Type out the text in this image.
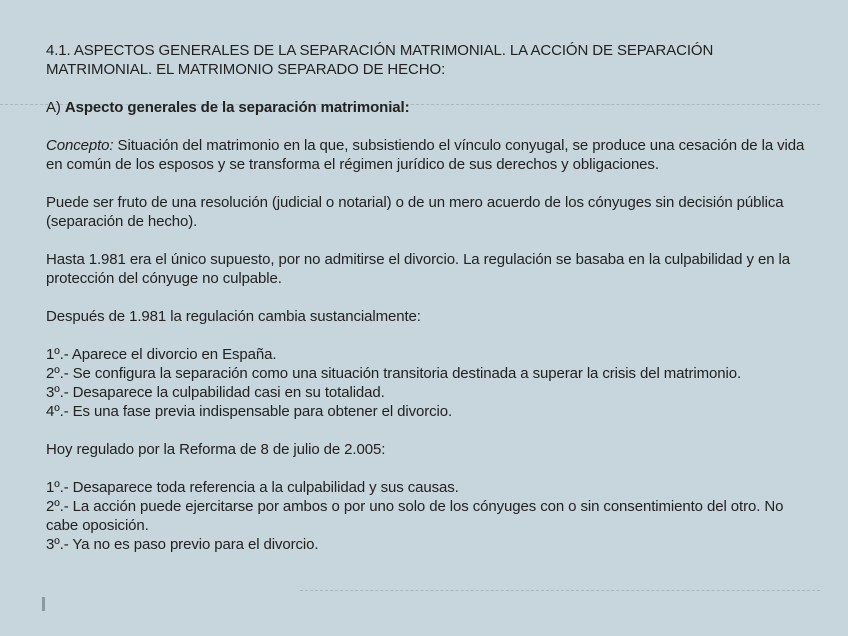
4.1. ASPECTOS GENERALES DE LA SEPARACIÓN MATRIMONIAL. LA ACCIÓN DE SEPARACIÓN MATRIMONIAL. EL MATRIMONIO SEPARADO DE HECHO:

A) Aspecto generales de la separación matrimonial:

Concepto: Situación del matrimonio en la que, subsistiendo el vínculo conyugal, se produce una cesación de la vida en común de los esposos y se transforma el régimen jurídico de sus derechos y obligaciones.

Puede ser fruto de una resolución (judicial o notarial) o de un mero acuerdo de los cónyuges sin decisión pública (separación de hecho).

Hasta 1.981 era el único supuesto, por no admitirse el divorcio. La regulación se basaba en la culpabilidad y en la protección del cónyuge no culpable.

Después de 1.981 la regulación cambia sustancialmente:

1º.- Aparece el divorcio en España.

2º.- Se configura la separación como una situación transitoria destinada a superar la crisis del matrimonio.

3º.- Desaparece la culpabilidad casi en su totalidad.

4º.- Es una fase previa indispensable para obtener el divorcio.

Hoy regulado por la Reforma de 8 de julio de 2.005:

1º.- Desaparece toda referencia a la culpabilidad y sus causas.

2º.- La acción puede ejercitarse por ambos o por uno solo de los cónyuges con o sin consentimiento del otro. No cabe oposición.

3º.- Ya no es paso previo para el divorcio.
